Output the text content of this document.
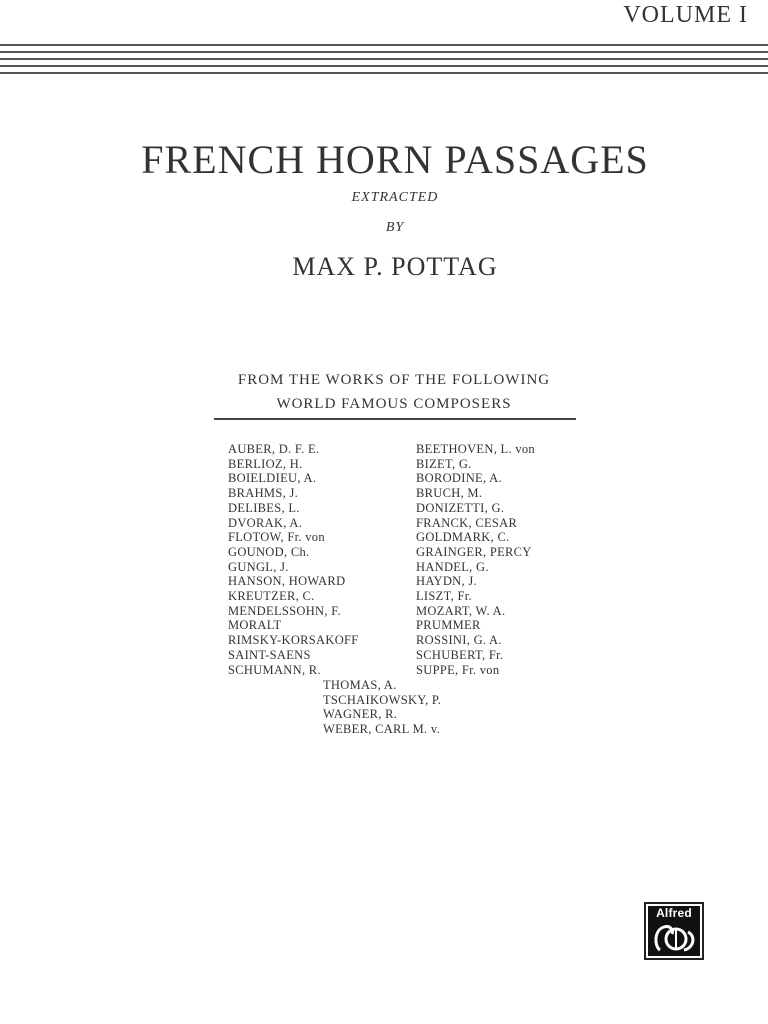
VOLUME I
FRENCH HORN PASSAGES
EXTRACTED
BY
MAX P. POTTAG
FROM THE WORKS OF THE FOLLOWING
WORLD FAMOUS COMPOSERS
AUBER, D. F. E.
BERLIOZ, H.
BOIELDIEU, A.
BRAHMS, J.
DELIBES, L.
DVORAK, A.
FLOTOW, Fr. von
GOUNOD, Ch.
GUNGL, J.
HANSON, HOWARD
KREUTZER, C.
MENDELSSOHN, F.
MORALT
RIMSKY-KORSAKOFF
SAINT-SAENS
SCHUMANN, R.
BEETHOVEN, L. von
BIZET, G.
BORODINE, A.
BRUCH, M.
DONIZETTI, G.
FRANCK, CESAR
GOLDMARK, C.
GRAINGER, PERCY
HANDEL, G.
HAYDN, J.
LISZT, Fr.
MOZART, W. A.
PRUMMER
ROSSINI, G. A.
SCHUBERT, Fr.
SUPPE, Fr. von
THOMAS, A.
TSCHAIKOWSKY, P.
WAGNER, R.
WEBER, CARL M. v.
Alfred
